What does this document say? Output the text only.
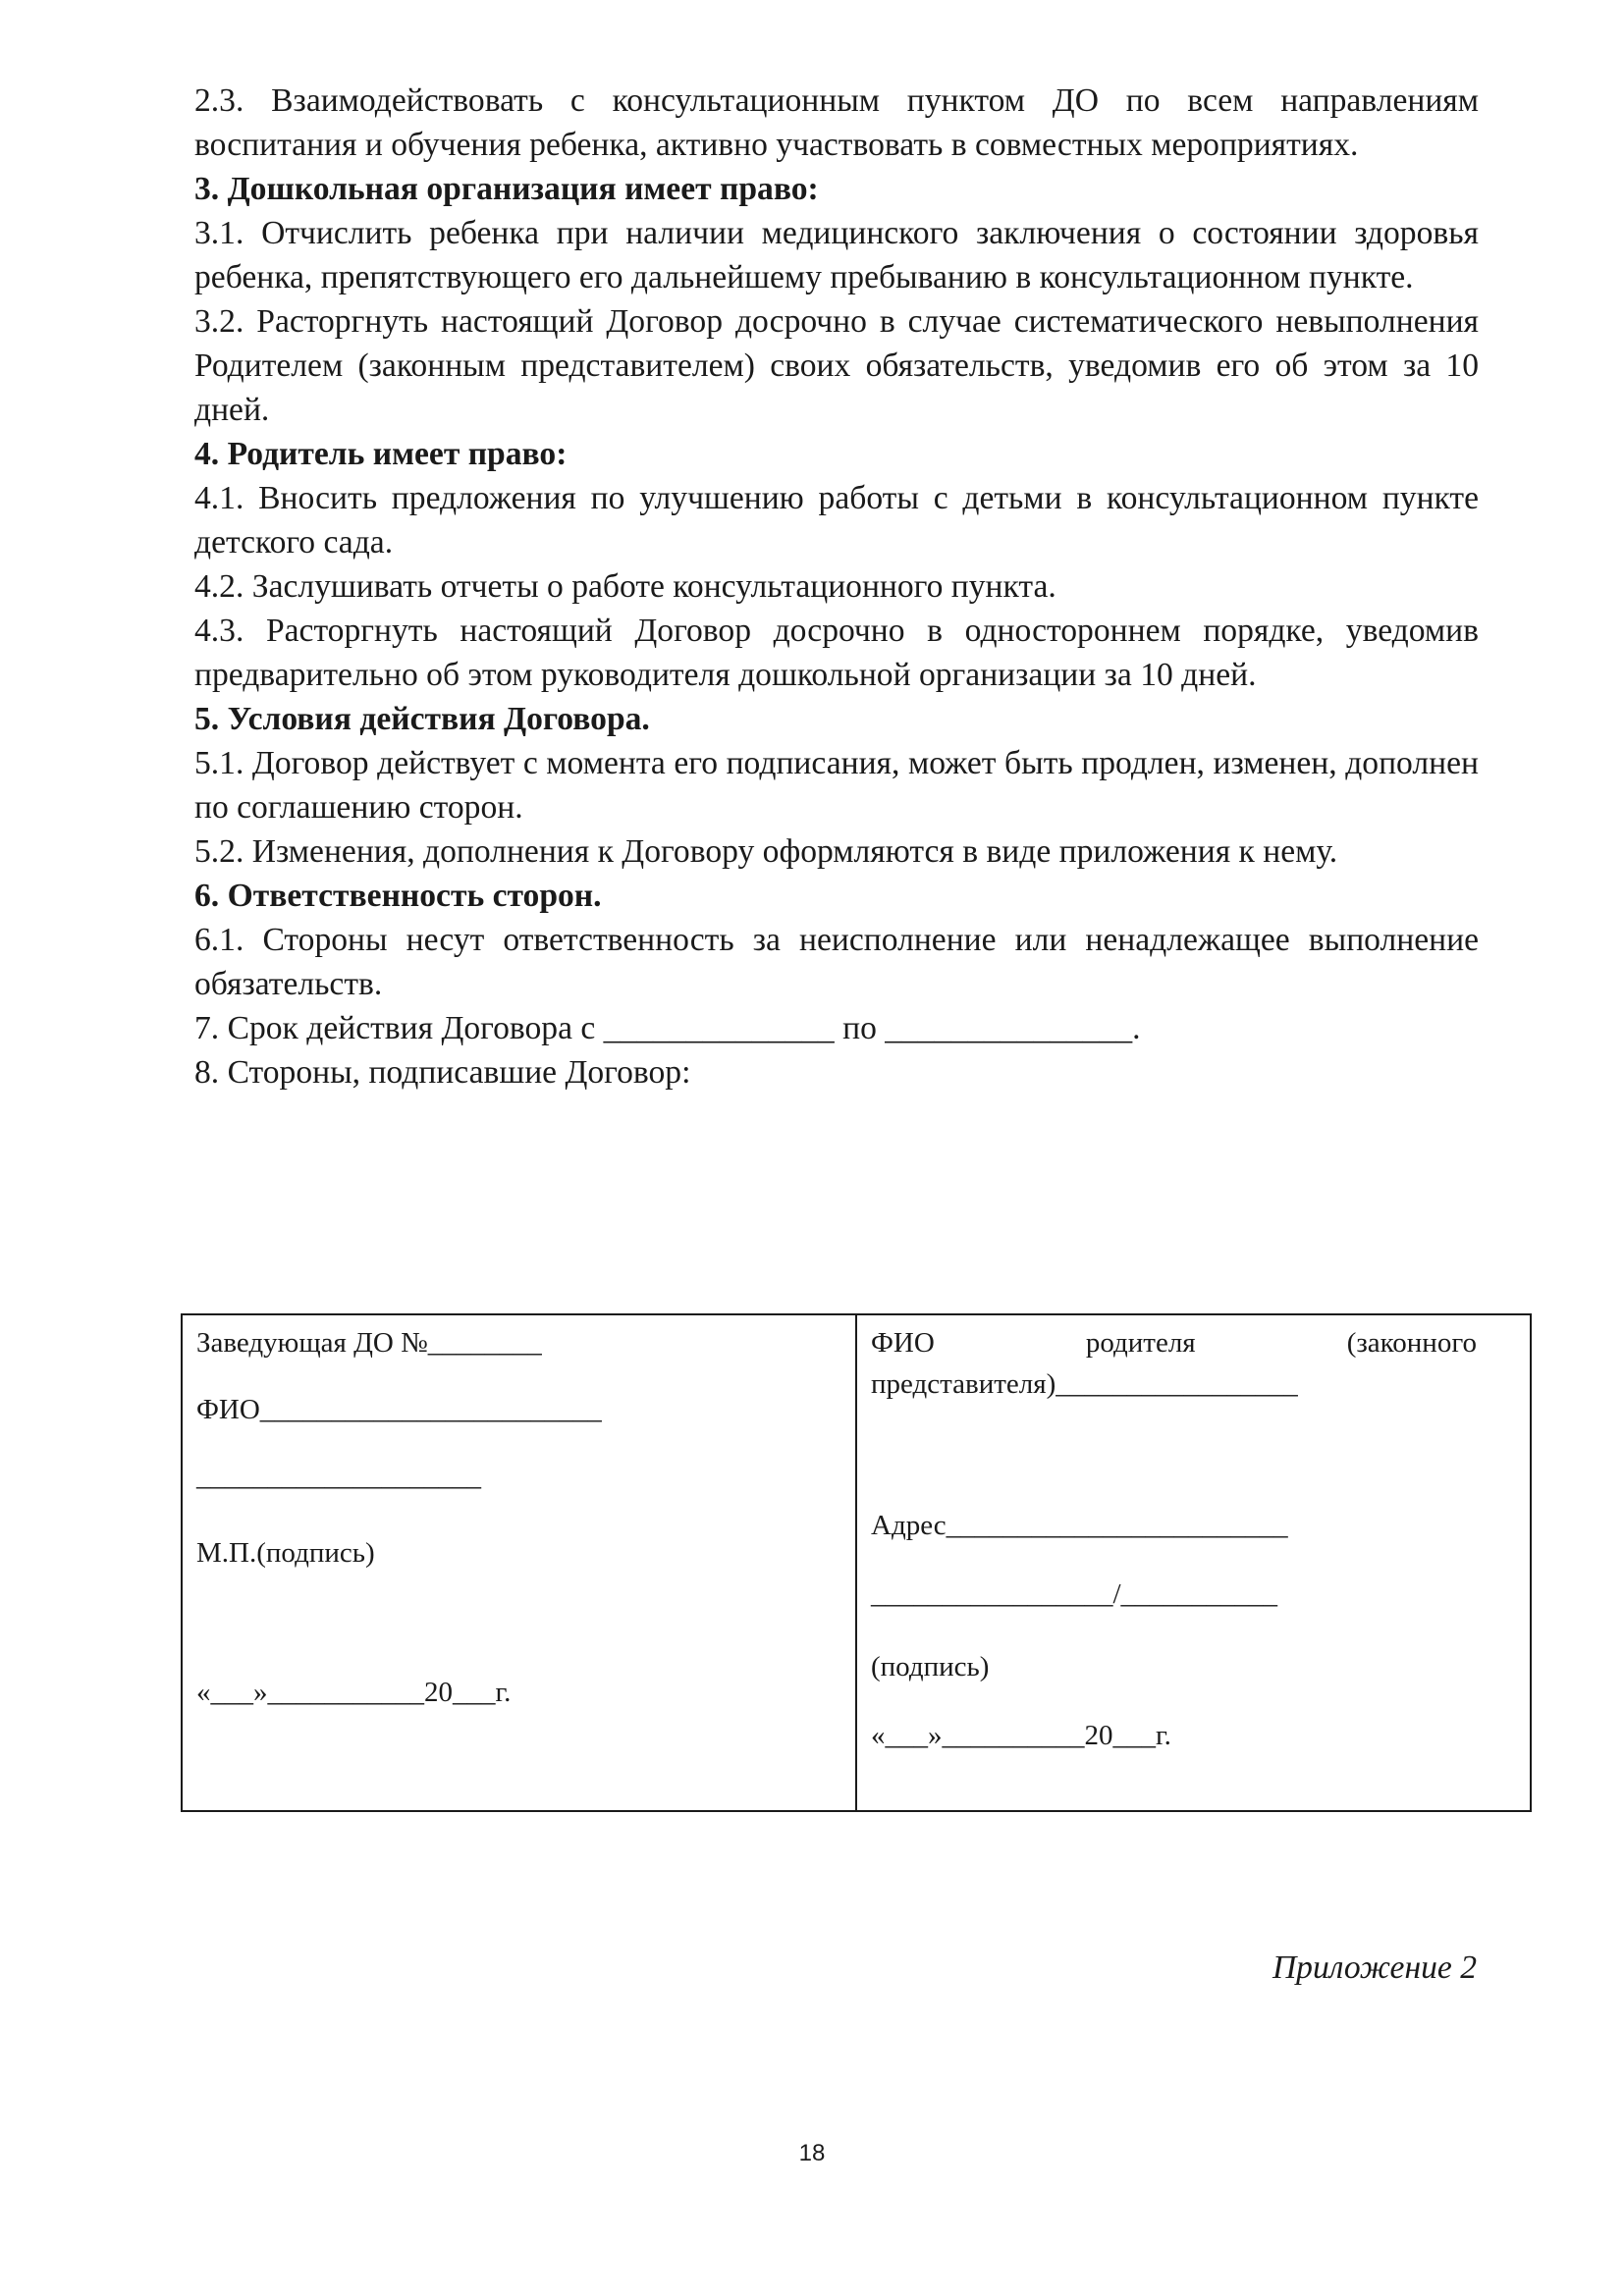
2.3. Взаимодействовать с консультационным пунктом ДО по всем направлениям воспитания и обучения ребенка, активно участвовать в совместных мероприятиях.

3. Дошкольная организация имеет право:

3.1. Отчислить ребенка при наличии медицинского заключения о состоянии здоровья ребенка, препятствующего его дальнейшему пребыванию в консультационном пункте.

3.2. Расторгнуть настоящий Договор досрочно в случае систематического невыполнения Родителем (законным представителем) своих обязательств, уведомив его об этом за 10 дней.

4. Родитель имеет право:

4.1. Вносить предложения по улучшению работы с детьми в консультационном пункте детского сада.

4.2. Заслушивать отчеты о работе консультационного пункта.

4.3. Расторгнуть настоящий Договор досрочно в одностороннем порядке, уведомив предварительно об этом руководителя дошкольной организации за 10 дней.

5. Условия действия Договора.

5.1. Договор действует с момента его подписания, может быть продлен, изменен, дополнен по соглашению сторон.

5.2. Изменения, дополнения к Договору оформляются в виде приложения к нему.

6. Ответственность сторон.

6.1. Стороны несут ответственность за неисполнение или ненадлежащее выполнение обязательств.

7. Срок действия Договора с ______________ по _______________.

8. Стороны, подписавшие Договор:

Заведующая ДО №________
ФИО________________________
____________________
М.П.(подпись)
«___»___________20___г.
ФИО	родителя	(законного
представителя)_________________
Адрес________________________
_________________/___________
(подпись)
«___»__________20___г.
Приложение 2
18
